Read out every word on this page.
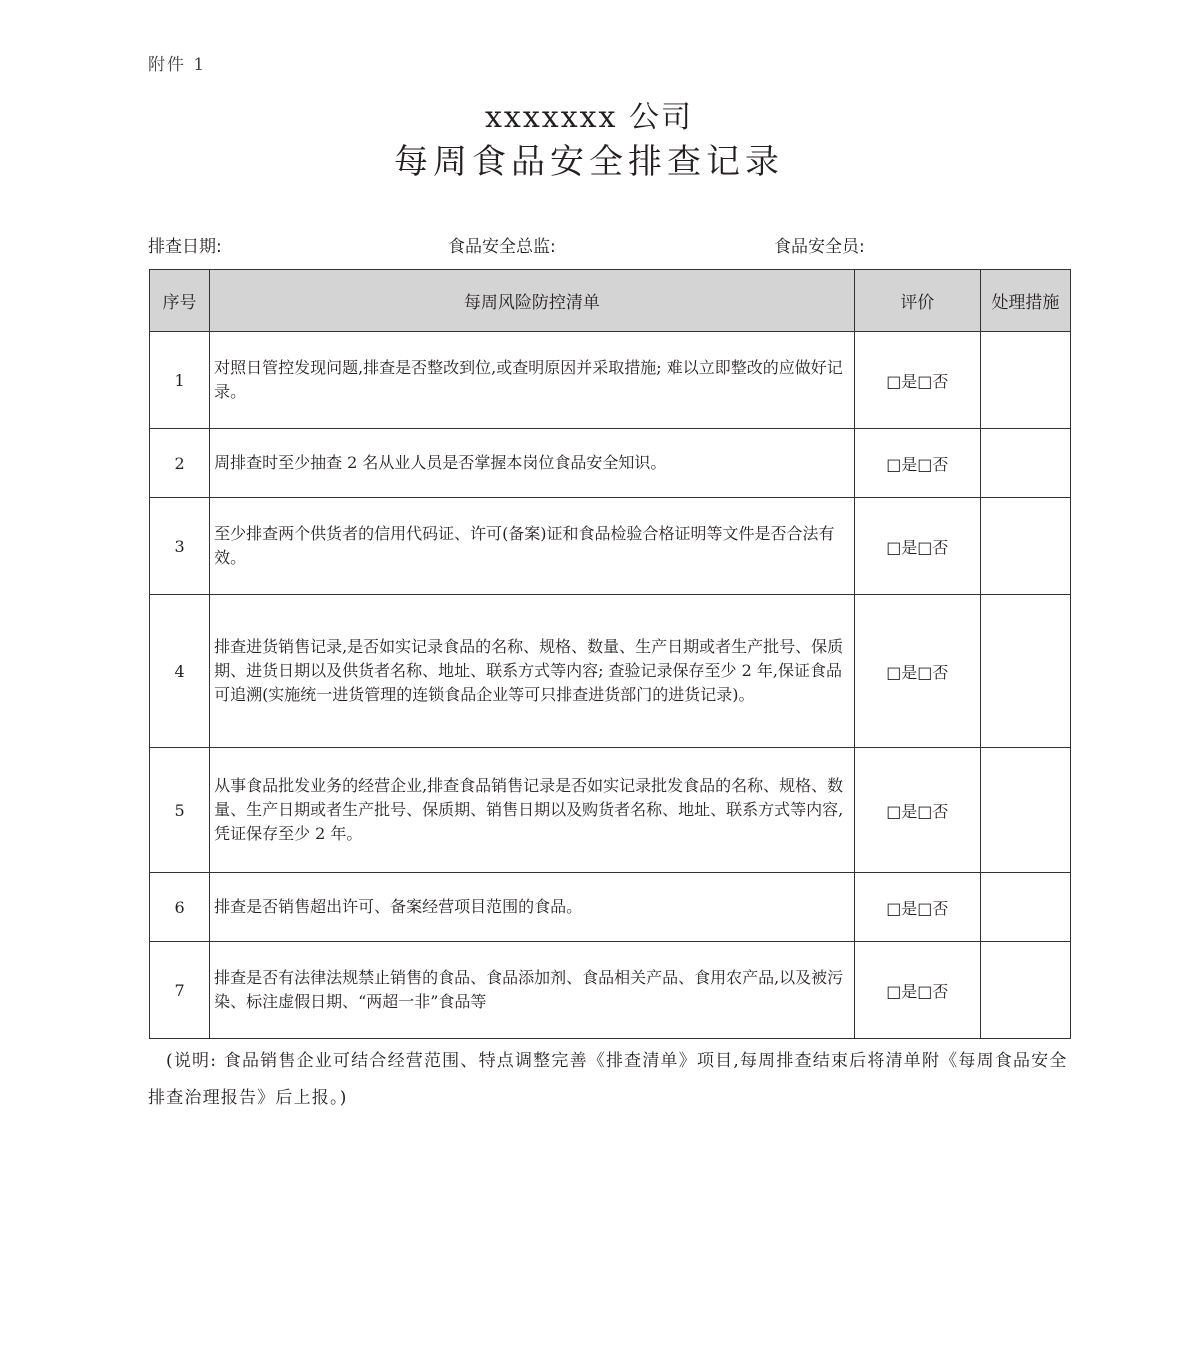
附件 1
xxxxxxx 公司
每周食品安全排查记录
排查日期:	食品安全总监:	食品安全员:
序号	每周风险防控清单	评价	处理措施
1	对照日管控发现问题,排查是否整改到位,或查明原因并采取措施; 难以立即整改的应做好记录。	□是□否	
2	周排查时至少抽查 2 名从业人员是否掌握本岗位食品安全知识。	□是□否	
3	至少排查两个供货者的信用代码证、许可(备案)证和食品检验合格证明等文件是否合法有效。	□是□否	
4	排查进货销售记录,是否如实记录食品的名称、规格、数量、生产日期或者生产批号、保质期、进货日期以及供货者名称、地址、联系方式等内容; 查验记录保存至少 2 年,保证食品可追溯(实施统一进货管理的连锁食品企业等可只排查进货部门的进货记录)。	□是□否	
5	从事食品批发业务的经营企业,排查食品销售记录是否如实记录批发食品的名称、规格、数量、生产日期或者生产批号、保质期、销售日期以及购货者名称、地址、联系方式等内容,凭证保存至少 2 年。	□是□否	
6	排查是否销售超出许可、备案经营项目范围的食品。	□是□否	
7	排查是否有法律法规禁止销售的食品、食品添加剂、食品相关产品、食用农产品,以及被污染、标注虚假日期、“两超一非”食品等	□是□否	
(说明: 食品销售企业可结合经营范围、特点调整完善《排查清单》项目,每周排查结束后将清单附《每周食品安全排查治理报告》后上报。)
